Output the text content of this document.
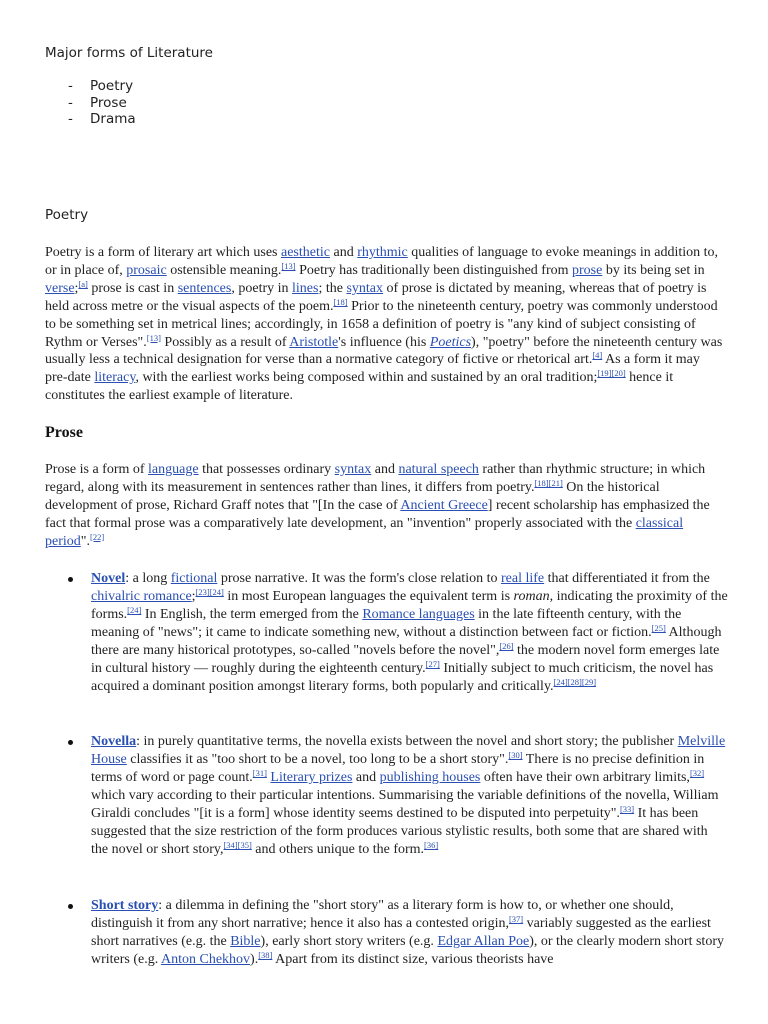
Major forms of Literature
- Poetry
- Prose
- Drama
Poetry

Poetry is a form of literary art which uses aesthetic and rhythmic qualities of language to evoke meanings in addition to, or in place of, prosaic ostensible meaning.[13] Poetry has traditionally been distinguished from prose by its being set in verse;[a] prose is cast in sentences, poetry in lines; the syntax of prose is dictated by meaning, whereas that of poetry is held across metre or the visual aspects of the poem.[18] Prior to the nineteenth century, poetry was commonly understood to be something set in metrical lines; accordingly, in 1658 a definition of poetry is "any kind of subject consisting of Rythm or Verses".[13] Possibly as a result of Aristotle's influence (his Poetics), "poetry" before the nineteenth century was usually less a technical designation for verse than a normative category of fictive or rhetorical art.[4] As a form it may pre-date literacy, with the earliest works being composed within and sustained by an oral tradition;[19][20] hence it constitutes the earliest example of literature.

Prose

Prose is a form of language that possesses ordinary syntax and natural speech rather than rhythmic structure; in which regard, along with its measurement in sentences rather than lines, it differs from poetry.[18][21] On the historical development of prose, Richard Graff notes that "[In the case of Ancient Greece] recent scholarship has emphasized the fact that formal prose was a comparatively late development, an "invention" properly associated with the classical period".[22]

Novel: a long fictional prose narrative. It was the form's close relation to real life that differentiated it from the chivalric romance;[23][24] in most European languages the equivalent term is roman, indicating the proximity of the forms.[24] In English, the term emerged from the Romance languages in the late fifteenth century, with the meaning of "news"; it came to indicate something new, without a distinction between fact or fiction.[25] Although there are many historical prototypes, so-called "novels before the novel",[26] the modern novel form emerges late in cultural history — roughly during the eighteenth century.[27] Initially subject to much criticism, the novel has acquired a dominant position amongst literary forms, both popularly and critically.[24][28][29]
Novella: in purely quantitative terms, the novella exists between the novel and short story; the publisher Melville House classifies it as "too short to be a novel, too long to be a short story".[30] There is no precise definition in terms of word or page count.[31] Literary prizes and publishing houses often have their own arbitrary limits,[32] which vary according to their particular intentions. Summarising the variable definitions of the novella, William Giraldi concludes "[it is a form] whose identity seems destined to be disputed into perpetuity".[33] It has been suggested that the size restriction of the form produces various stylistic results, both some that are shared with the novel or short story,[34][35] and others unique to the form.[36]
Short story: a dilemma in defining the "short story" as a literary form is how to, or whether one should, distinguish it from any short narrative; hence it also has a contested origin,[37] variably suggested as the earliest short narratives (e.g. the Bible), early short story writers (e.g. Edgar Allan Poe), or the clearly modern short story writers (e.g. Anton Chekhov).[38] Apart from its distinct size, various theorists have
